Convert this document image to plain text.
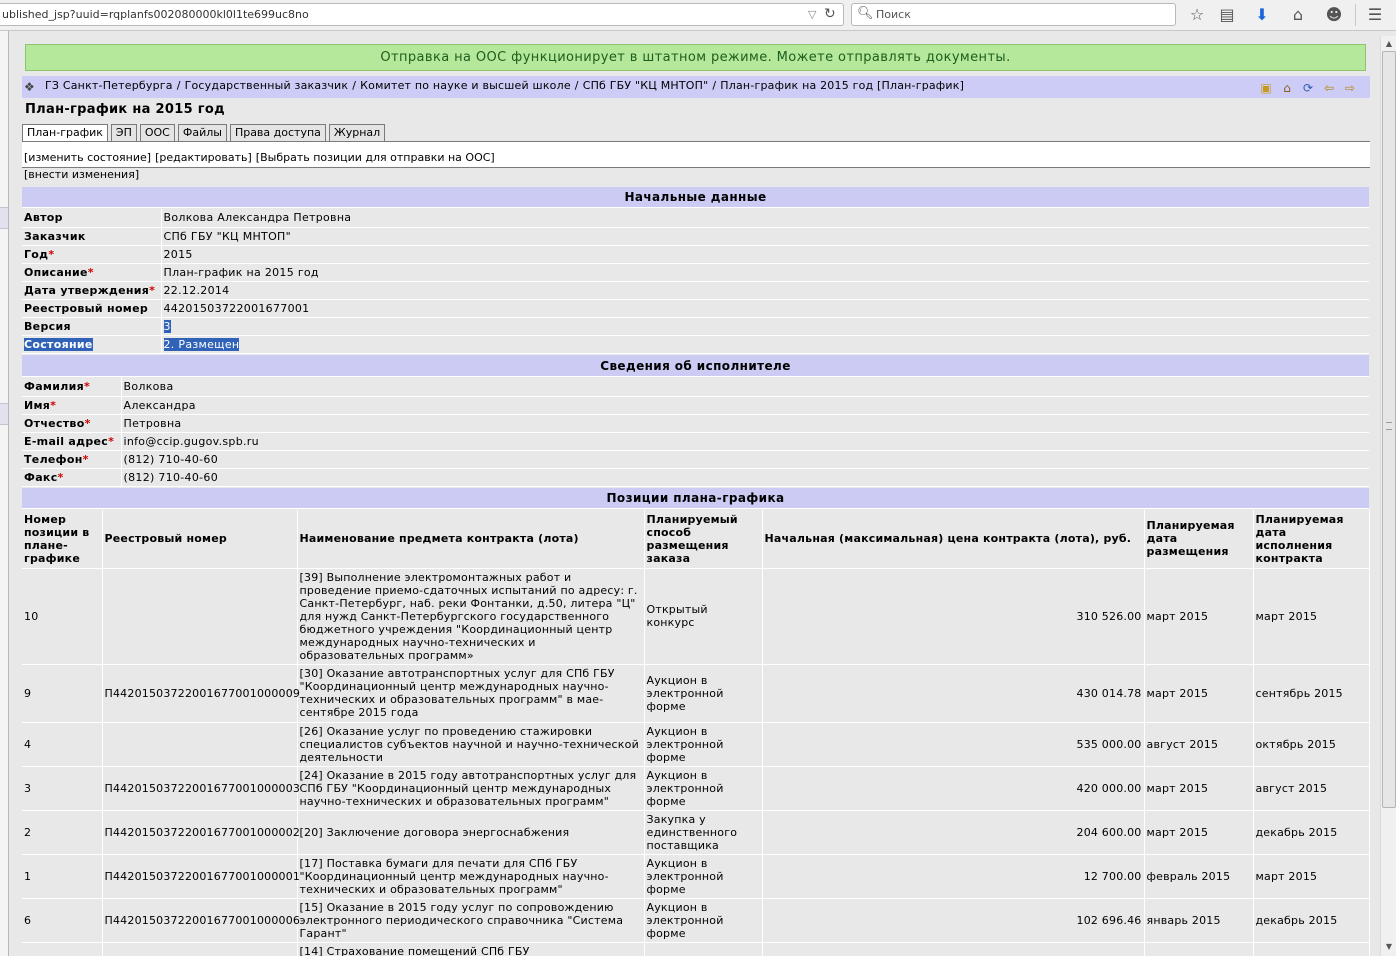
ublished_jsp?uuid=rqplanfs002080000kl0l1te699uc8no	▽ ↻ 🔍︎ Поиск	☆ ▤ ⬇	⌂	☻ ☰
▲
▼
Отправка на ООС функционирует в штатном режиме. Можете отправлять документы.
❖ ГЗ Санкт-Петербурга / Государственный заказчик / Комитет по науке и высшей школе / СПб ГБУ "КЦ МНТОП" / План-график на 2015 год [План-график]	▣ ⌂ ⟳ ⇦ ⇨
План-график на 2015 год
План-график	ЭП	ООС	Файлы	Права доступа	Журнал
[изменить состояние] [редактировать] [Выбрать позиции для отправки на ООС]
[внести изменения]
Начальные данные
Автор	Волкова Александра Петровна
Заказчик	СПб ГБУ "КЦ МНТОП"
Год*	2015
Описание*	План-график на 2015 год
Дата утверждения*	22.12.2014
Реестровый номер	44201503722001677001
Версия	3
Состояние	2. Размещен
Сведения об исполнителе
Фамилия*	Волкова
Имя*	Александра
Отчество*	Петровна
E-mail адрес*	info@ccip.gugov.spb.ru
Телефон*	(812) 710-40-60
Факс*	(812) 710-40-60
Позиции плана-графика
Номер позиции в плане-графике	Реестровый номер	Наименование предмета контракта (лота)	Планируемый способ размещения заказа	Начальная (максимальная) цена контракта (лота), руб.	Планируемая дата размещения	Планируемая дата исполнения контракта
10		[39] Выполнение электромонтажных работ и проведение приемо-сдаточных испытаний по адресу: г. Санкт-Петербург, наб. реки Фонтанки, д.50, литера "Ц" для нужд Санкт-Петербургского государственного бюджетного учреждения "Координационный центр международных научно-технических и образовательных программ»	Открытый конкурс	310 526.00	март 2015	март 2015
9	П44201503722001677001000009	[30] Оказание автотранспортных услуг для СПб ГБУ "Координационный центр международных научно-технических и образовательных программ" в мае-сентябре 2015 года	Аукцион в электронной форме	430 014.78	март 2015	сентябрь 2015
4		[26] Оказание услуг по проведению стажировки специалистов субъектов научной и научно-технической деятельности	Аукцион в электронной форме	535 000.00	август 2015	октябрь 2015
3	П44201503722001677001000003	[24] Оказание в 2015 году автотранспортных услуг для СПб ГБУ "Координационный центр международных научно-технических и образовательных программ"	Аукцион в электронной форме	420 000.00	март 2015	август 2015
2	П44201503722001677001000002	[20] Заключение договора энергоснабжения	Закупка у единственного поставщика	204 600.00	март 2015	декабрь 2015
1	П44201503722001677001000001	[17] Поставка бумаги для печати для СПб ГБУ "Координационный центр международных научно-технических и образовательных программ"	Аукцион в электронной форме	12 700.00	февраль 2015	март 2015
6	П44201503722001677001000006	[15] Оказание в 2015 году услуг по сопровождению электронного периодического справочника "Система Гарант"	Аукцион в электронной форме	102 696.46	январь 2015	декабрь 2015
		[14] Страхование помещений СПб ГБУ				
